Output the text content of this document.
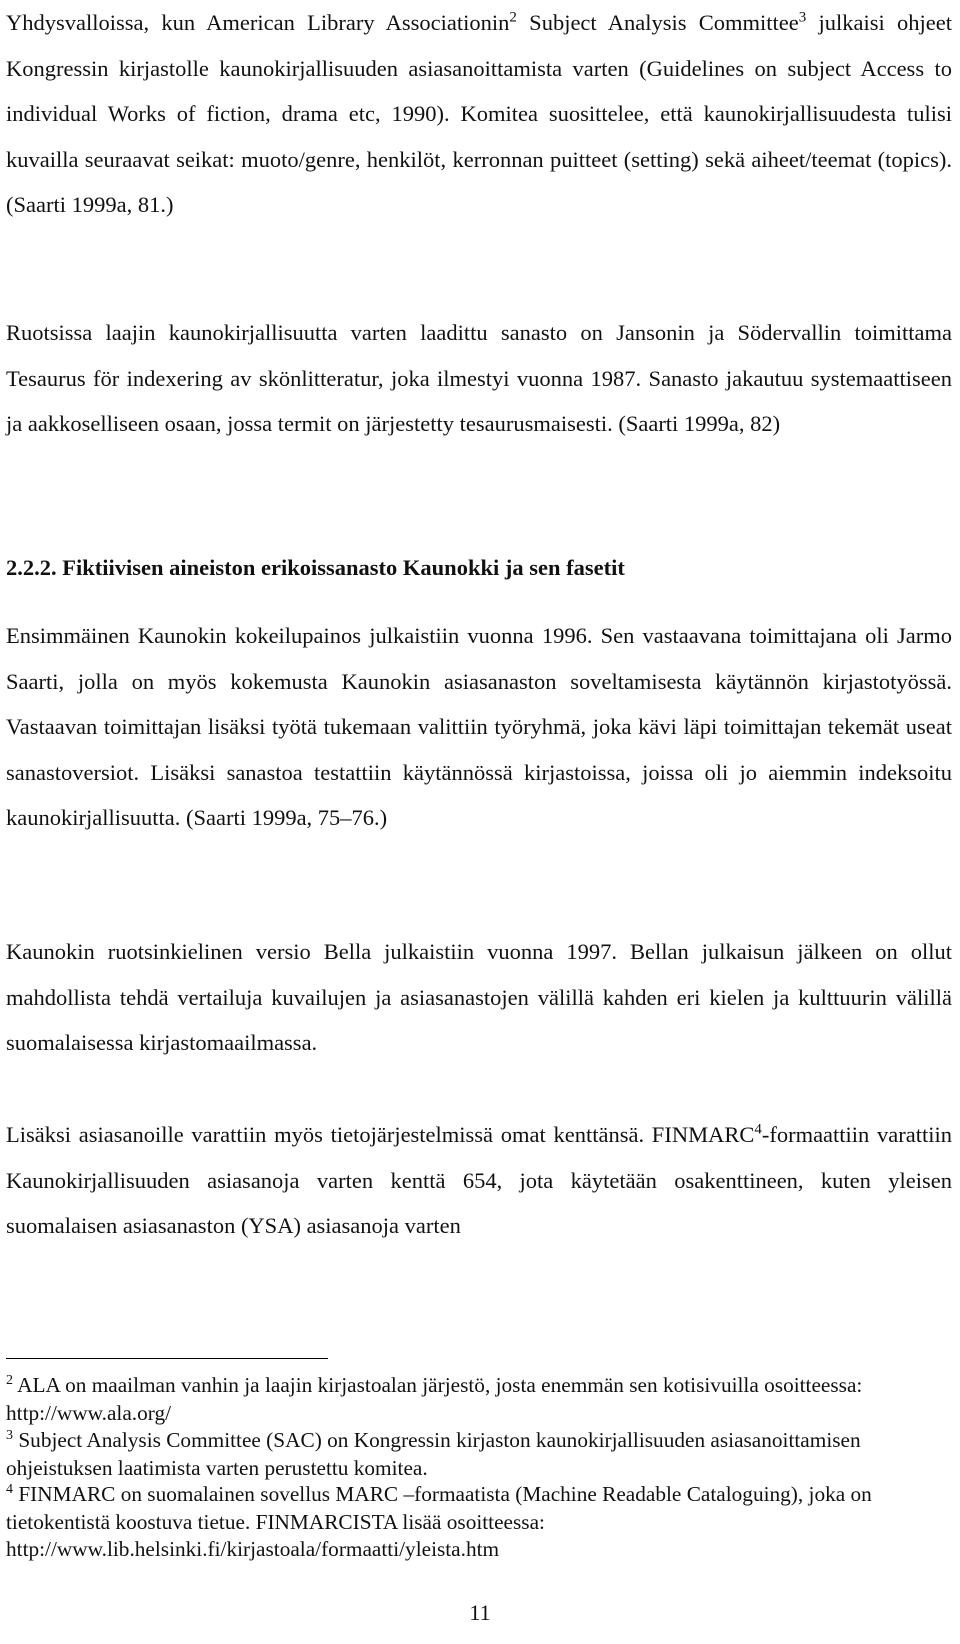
Yhdysvalloissa, kun American Library Associationin$^2$ Subject Analysis Committee$^3$ julkaisi ohjeet Kongressin kirjastolle kaunokirjallisuuden asiasanoittamista varten (Guidelines on subject Access to individual Works of fiction, drama etc, 1990). Komitea suosittelee, että kaunokirjallisuudesta tulisi kuvailla seuraavat seikat: muoto/genre, henkilöt, kerronnan puitteet (setting) sekä aiheet/teemat (topics). (Saarti 1999a, 81.)

Ruotsissa laajin kaunokirjallisuutta varten laadittu sanasto on Jansonin ja Södervallin toimittama Tesaurus för indexering av skönlitteratur, joka ilmestyi vuonna 1987. Sanasto jakautuu systemaattiseen ja aakkoselliseen osaan, jossa termit on järjestetty tesaurusmaisesti. (Saarti 1999a, 82)

2.2.2. Fiktiivisen aineiston erikoissanasto Kaunokki ja sen fasetit

Ensimmäinen Kaunokin kokeilupainos julkaistiin vuonna 1996. Sen vastaavana toimittajana oli Jarmo Saarti, jolla on myös kokemusta Kaunokin asiasanaston soveltamisesta käytännön kirjastotyössä. Vastaavan toimittajan lisäksi työtä tukemaan valittiin työryhmä, joka kävi läpi toimittajan tekemät useat sanastoversiot. Lisäksi sanastoa testattiin käytännössä kirjastoissa, joissa oli jo aiemmin indeksoitu kaunokirjallisuutta. (Saarti 1999a, 75–76.)

Kaunokin ruotsinkielinen versio Bella julkaistiin vuonna 1997. Bellan julkaisun jälkeen on ollut mahdollista tehdä vertailuja kuvailujen ja asiasanastojen välillä kahden eri kielen ja kulttuurin välillä suomalaisessa kirjastomaailmassa.

Lisäksi asiasanoille varattiin myös tietojärjestelmissä omat kenttänsä. FINMARC$^4$-formaattiin varattiin Kaunokirjallisuuden asiasanoja varten kenttä 654, jota käytetään osakenttineen, kuten yleisen suomalaisen asiasanaston (YSA) asiasanoja varten

$^2$ ALA on maailman vanhin ja laajin kirjastoalan järjestö, josta enemmän sen kotisivuilla osoitteessa: http://www.ala.org/

$^3$ Subject Analysis Committee (SAC) on Kongressin kirjaston kaunokirjallisuuden asiasanoittamisen ohjeistuksen laatimista varten perustettu komitea.

$^4$ FINMARC on suomalainen sovellus MARC –formaatista (Machine Readable Cataloguing), joka on tietokentistä koostuva tietue. FINMARCISTA lisää osoitteessa: http://www.lib.helsinki.fi/kirjastoala/formaatti/yleista.htm

11
